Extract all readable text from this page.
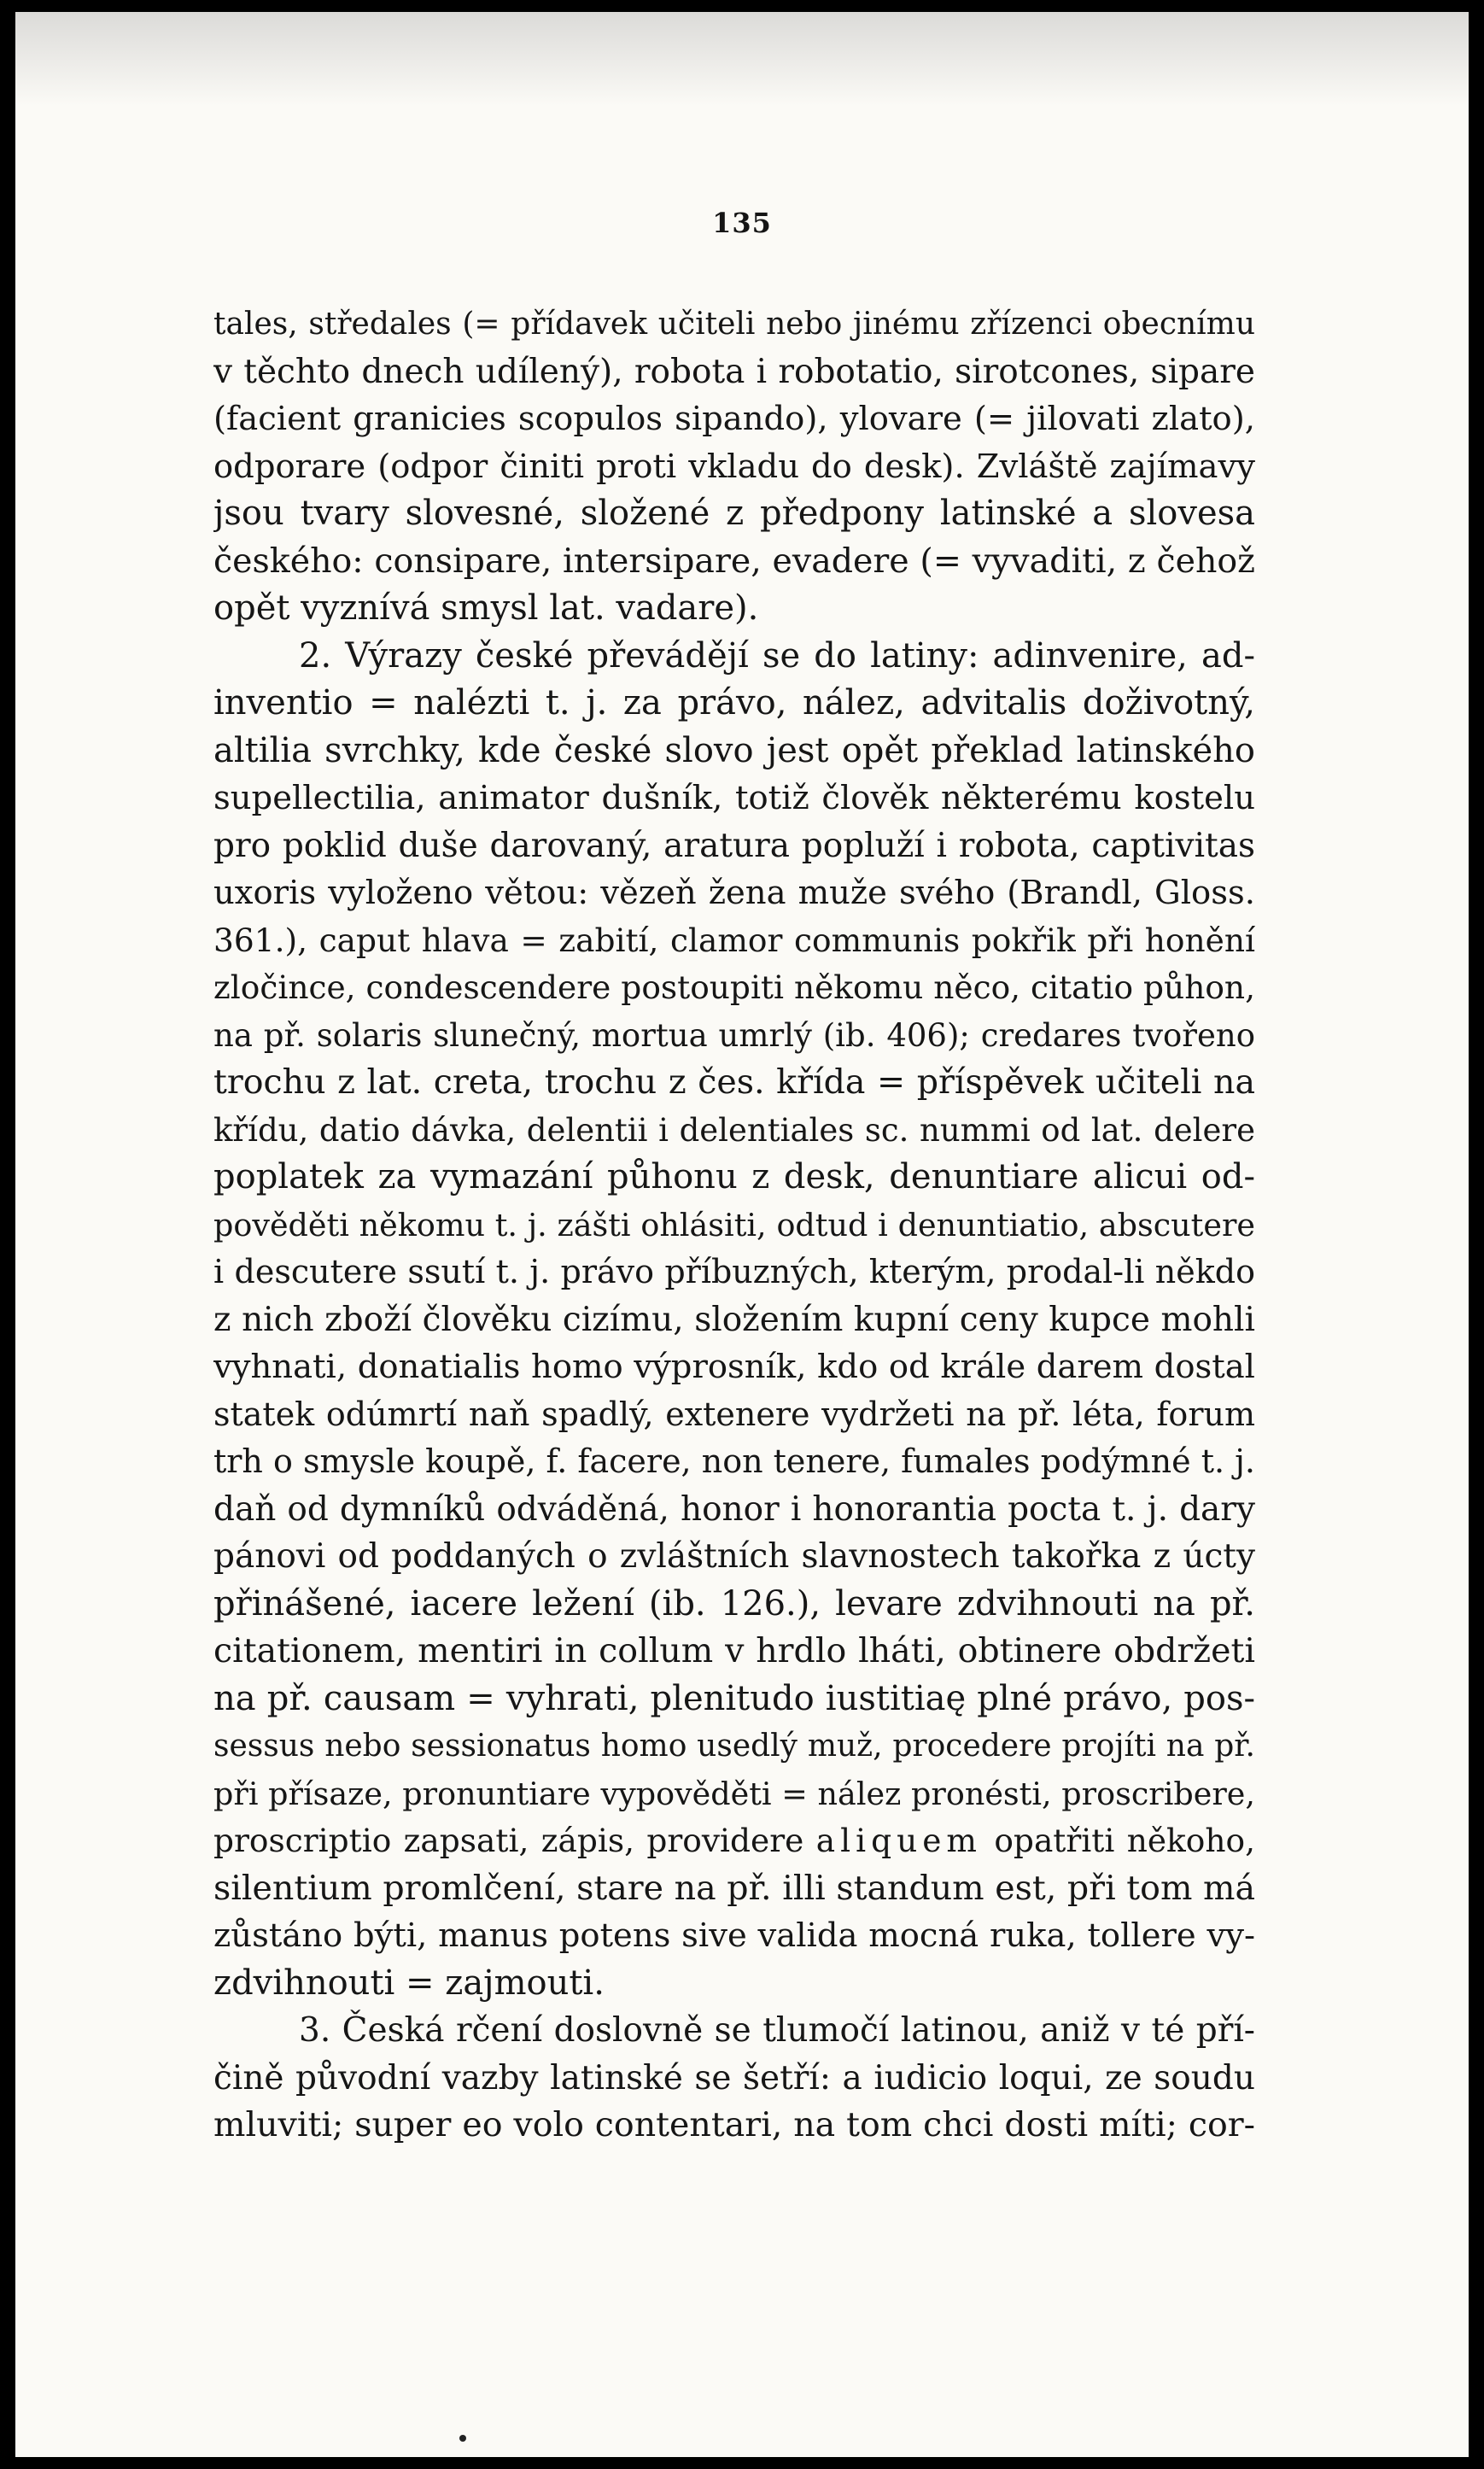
135
tales, středales (= přídavek učiteli nebo jinému zřízenci obecnímu
v těchto dnech udílený), robota i robotatio, sirotcones, sipare
(facient granicies scopulos sipando), ylovare (= jilovati zlato),
odporare (odpor činiti proti vkladu do desk). Zvláště zajímavy
jsou tvary slovesné, složené z předpony latinské a slovesa
českého: consipare, intersipare, evadere (= vyvaditi, z čehož
opět vyznívá smysl lat. vadare).
2. Výrazy české převádějí se do latiny: adinvenire, ad-
inventio = nalézti t. j. za právo, nález, advitalis doživotný,
altilia svrchky, kde české slovo jest opět překlad latinského
supellectilia, animator dušník, totiž člověk některému kostelu
pro poklid duše darovaný, aratura popluží i robota, captivitas
uxoris vyloženo větou: vězeň žena muže svého (Brandl, Gloss.
361.), caput hlava = zabití, clamor communis pokřik při honění
zločince, condescendere postoupiti někomu něco, citatio půhon,
na př. solaris slunečný, mortua umrlý (ib. 406); credares tvořeno
trochu z lat. creta, trochu z čes. křída = příspěvek učiteli na
křídu, datio dávka, delentii i delentiales sc. nummi od lat. delere
poplatek za vymazání půhonu z desk, denuntiare alicui od-
pověděti někomu t. j. zášti ohlásiti, odtud i denuntiatio, abscutere
i descutere ssutí t. j. právo příbuzných, kterým, prodal-li někdo
z nich zboží člověku cizímu, složením kupní ceny kupce mohli
vyhnati, donatialis homo výprosník, kdo od krále darem dostal
statek odúmrtí naň spadlý, extenere vydržeti na př. léta, forum
trh o smysle koupě, f. facere, non tenere, fumales podýmné t. j.
daň od dymníků odváděná, honor i honorantia pocta t. j. dary
pánovi od poddaných o zvláštních slavnostech takořka z úcty
přinášené, iacere ležení (ib. 126.), levare zdvihnouti na př.
citationem, mentiri in collum v hrdlo lháti, obtinere obdržeti
na př. causam = vyhrati, plenitudo iustitiaę plné právo, pos-
sessus nebo sessionatus homo usedlý muž, procedere projíti na př.
při přísaze, pronuntiare vypověděti = nález pronésti, proscribere,
proscriptio zapsati, zápis, providere aliquem opatřiti někoho,
silentium promlčení, stare na př. illi standum est, při tom má
zůstáno býti, manus potens sive valida mocná ruka, tollere vy-
zdvihnouti = zajmouti.
3. Česká rčení doslovně se tlumočí latinou, aniž v té pří-
čině původní vazby latinské se šetří: a iudicio loqui, ze soudu
mluviti; super eo volo contentari, na tom chci dosti míti; cor-
